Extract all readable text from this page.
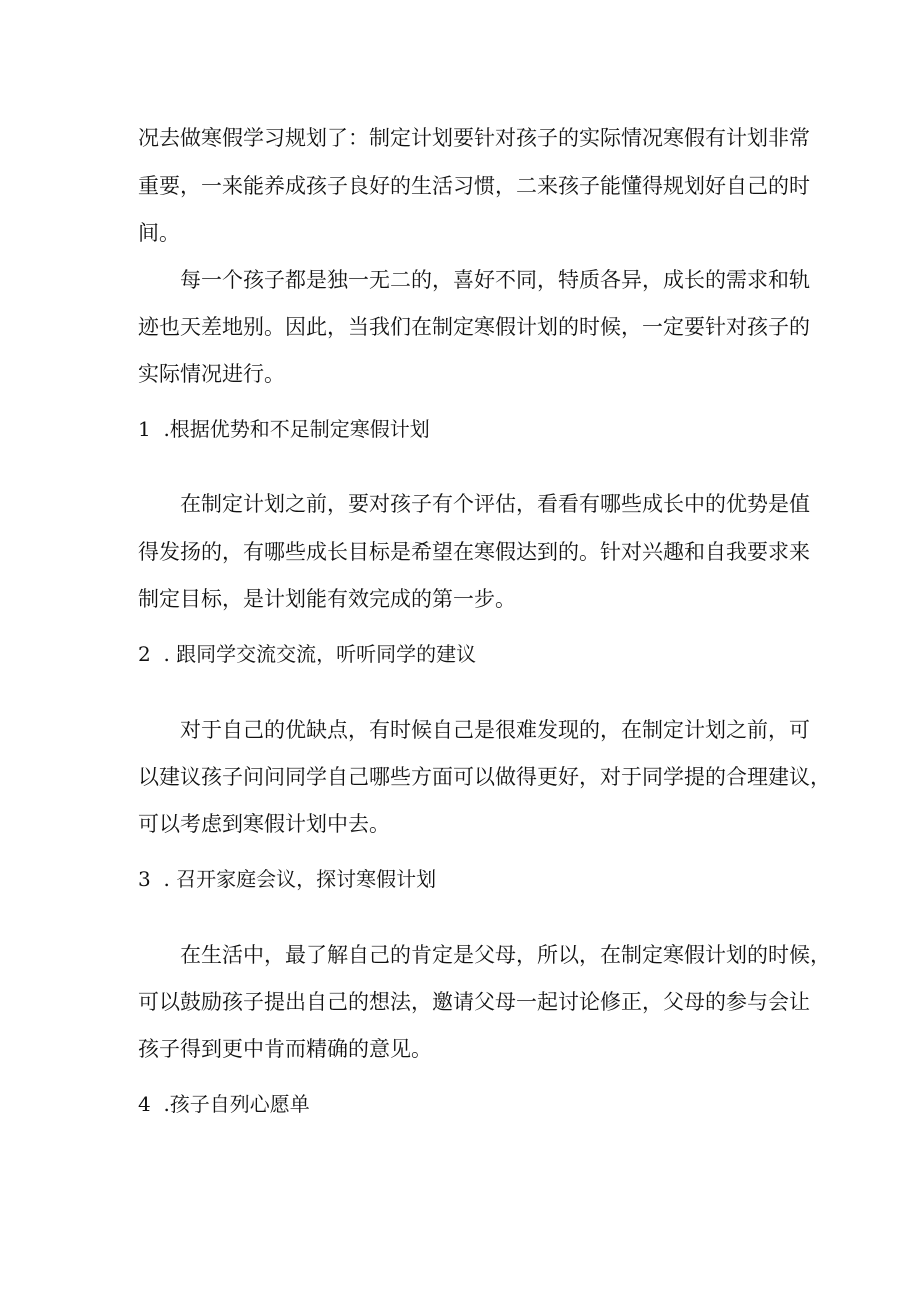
况去做寒假学习规划了：制定计划要针对孩子的实际情况寒假有计划非常

重要，一来能养成孩子良好的生活习惯，二来孩子能懂得规划好自己的时

间。

每一个孩子都是独一无二的，喜好不同，特质各异，成长的需求和轨

迹也天差地别。因此，当我们在制定寒假计划的时候，一定要针对孩子的

实际情况进行。

1  .根据优势和不足制定寒假计划

在制定计划之前，要对孩子有个评估，看看有哪些成长中的优势是值

得发扬的，有哪些成长目标是希望在寒假达到的。针对兴趣和自我要求来

制定目标，是计划能有效完成的第一步。

2  . 跟同学交流交流，听听同学的建议

对于自己的优缺点，有时候自己是很难发现的，在制定计划之前，可

以建议孩子问问同学自己哪些方面可以做得更好，对于同学提的合理建议，

可以考虑到寒假计划中去。

3  . 召开家庭会议，探讨寒假计划

在生活中，最了解自己的肯定是父母，所以，在制定寒假计划的时候，

可以鼓励孩子提出自己的想法，邀请父母一起讨论修正，父母的参与会让

孩子得到更中肯而精确的意见。

4  .孩子自列心愿单
